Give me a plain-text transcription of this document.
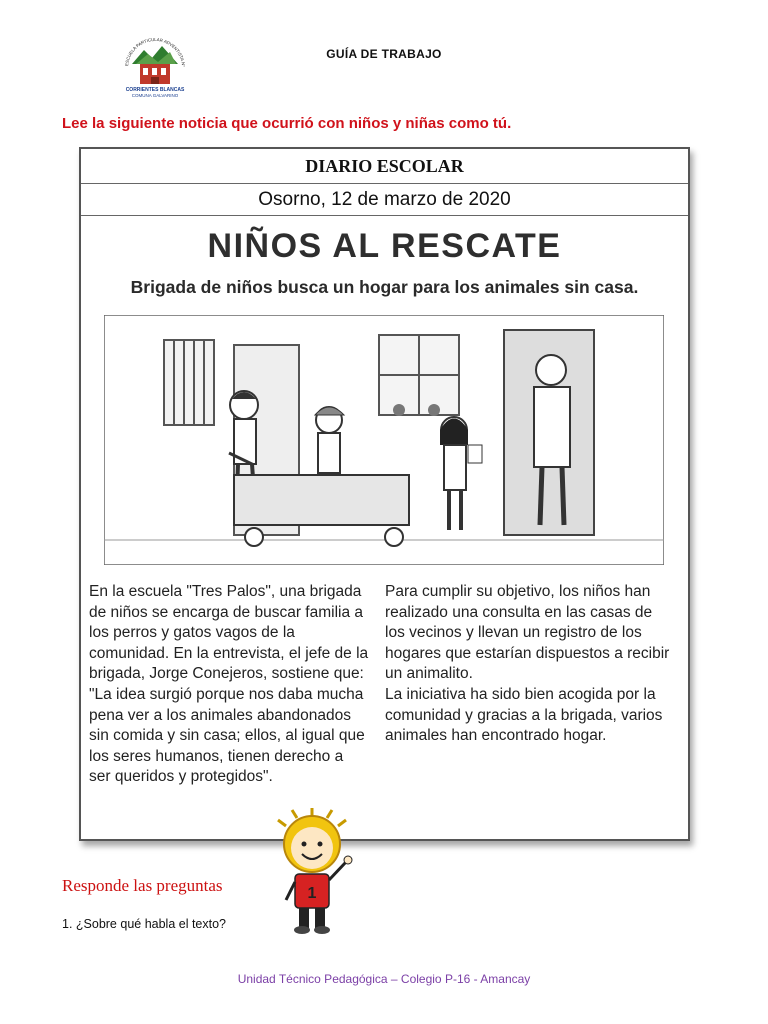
ESCUELA PARTICULAR ADVENTISTA N°
CORRIENTES BLANCAS
COMUNA GALVARINO
GUÍA DE TRABAJO
Lee la siguiente noticia que ocurrió con niños y niñas como tú.
DIARIO ESCOLAR
Osorno, 12 de marzo de 2020
NIÑOS AL RESCATE
Brigada de niños busca un hogar para los animales sin casa.
En la escuela "Tres Palos", una brigada de niños se encarga de buscar familia a los perros y gatos vagos de la comunidad. En la entrevista, el jefe de la brigada, Jorge Conejeros, sostiene que: "La idea surgió porque nos daba mucha pena ver a los animales abandonados sin comida y sin casa; ellos, al igual que los seres humanos, tienen derecho a ser queridos y protegidos".
Para cumplir su objetivo, los niños han realizado una consulta en las casas de los vecinos y llevan un registro de los hogares que estarían dispuestos a recibir un animalito.
La iniciativa ha sido bien acogida por la comunidad y gracias a la brigada, varios animales han encontrado hogar.
1
Responde las preguntas
1. ¿Sobre qué habla el texto?
Unidad Técnico Pedagógica – Colegio P-16 - Amancay
